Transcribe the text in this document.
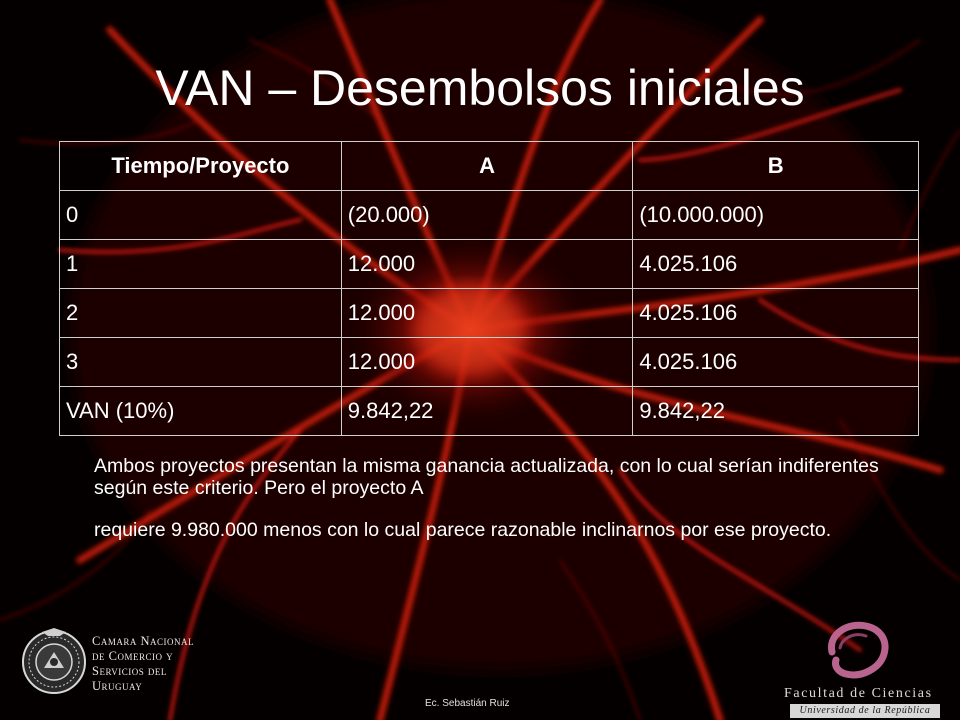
VAN – Desembolsos iniciales
Tiempo/Proyecto	A	B
0	(20.000)	(10.000.000)
1	12.000	4.025.106
2	12.000	4.025.106
3	12.000	4.025.106
VAN (10%)	9.842,22	9.842,22

Ambos proyectos presentan la misma ganancia actualizada, con lo cual serían indiferentes según este criterio. Pero el proyecto A

requiere 9.980.000 menos con lo cual parece razonable inclinarnos por ese proyecto.

Camara Nacional
de Comercio y
Servicios del
Uruguay
Ec. Sebastián Ruiz
Facultad de Ciencias
Universidad de la República
